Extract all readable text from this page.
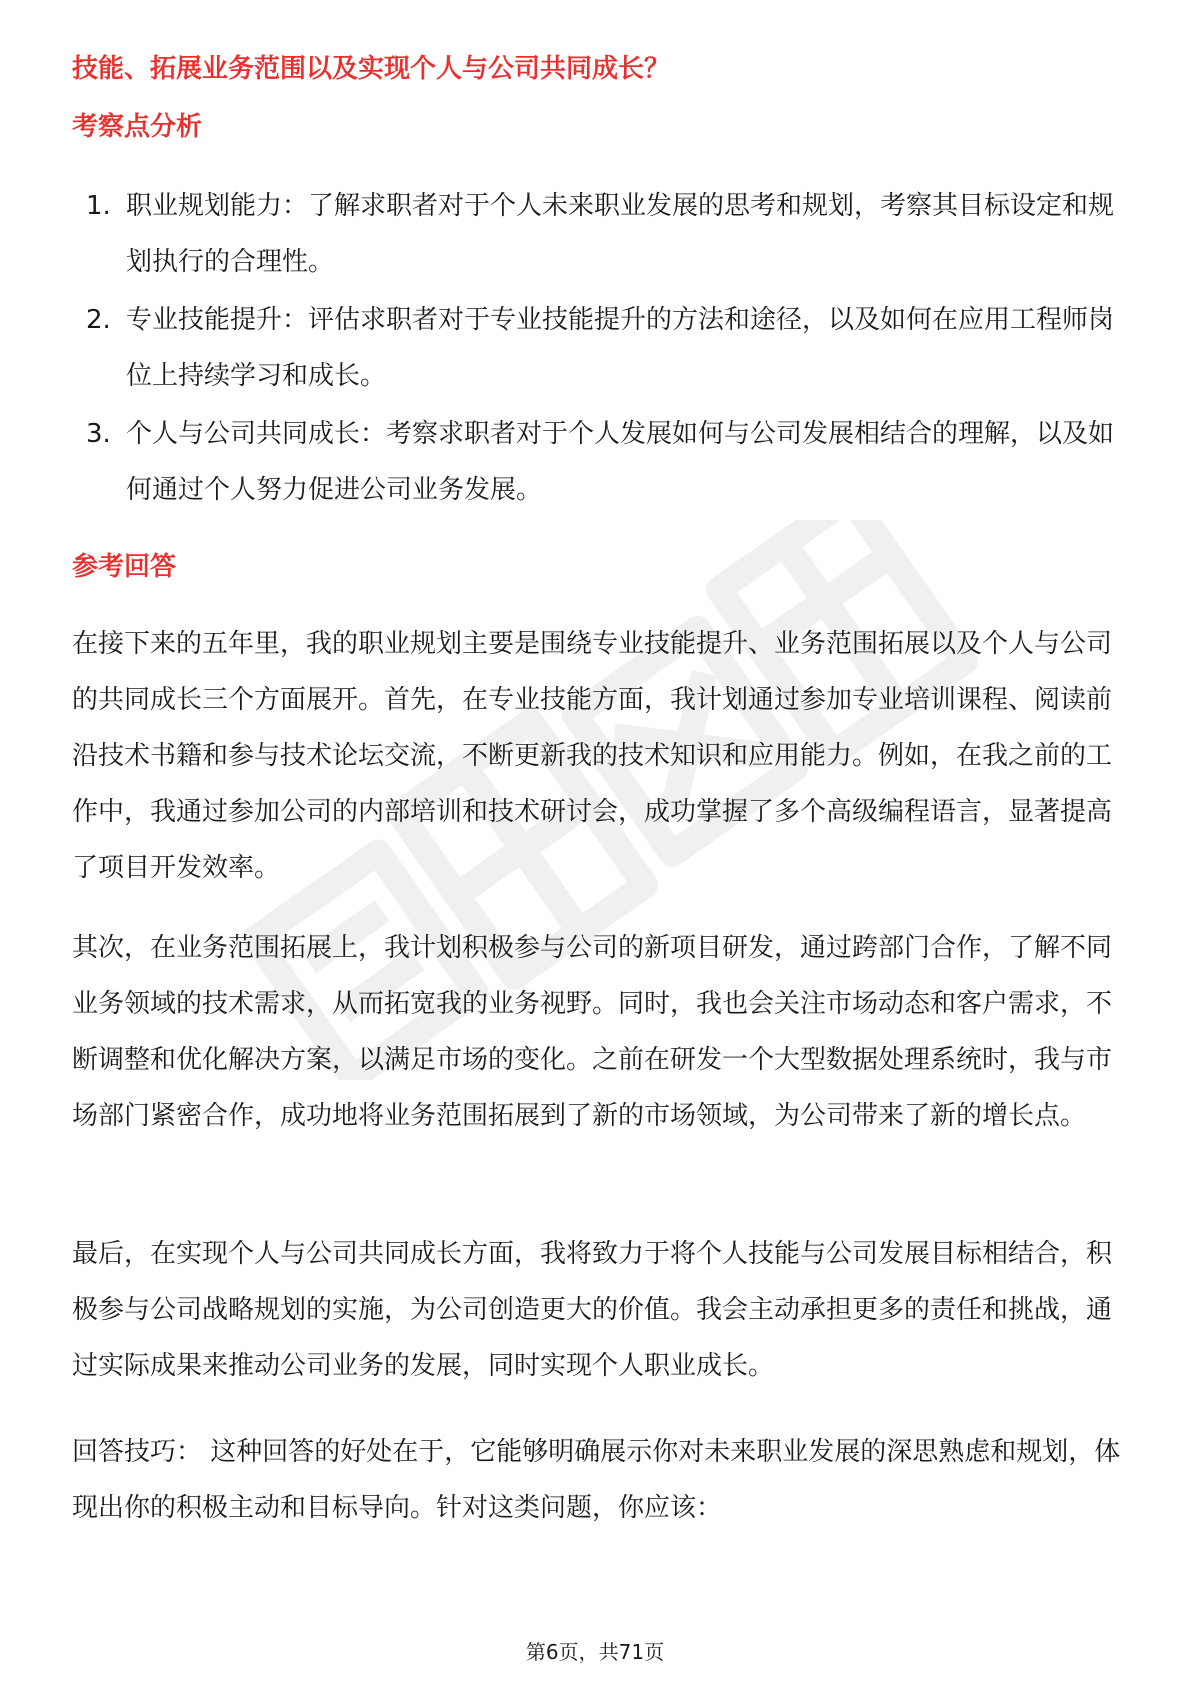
技能、拓展业务范围以及实现个人与公司共同成长？
考察点分析
1. 职业规划能力：了解求职者对于个人未来职业发展的思考和规划，考察其目标设定和规划执行的合理性。
2. 专业技能提升：评估求职者对于专业技能提升的方法和途径，以及如何在应用工程师岗位上持续学习和成长。
3. 个人与公司共同成长：考察求职者对于个人发展如何与公司发展相结合的理解，以及如何通过个人努力促进公司业务发展。
参考回答

在接下来的五年里，我的职业规划主要是围绕专业技能提升、业务范围拓展以及个人与公司的共同成长三个方面展开。首先，在专业技能方面，我计划通过参加专业培训课程、阅读前沿技术书籍和参与技术论坛交流，不断更新我的技术知识和应用能力。例如，在我之前的工作中，我通过参加公司的内部培训和技术研讨会，成功掌握了多个高级编程语言，显著提高了项目开发效率。

其次，在业务范围拓展上，我计划积极参与公司的新项目研发，通过跨部门合作，了解不同业务领域的技术需求，从而拓宽我的业务视野。同时，我也会关注市场动态和客户需求，不断调整和优化解决方案，以满足市场的变化。之前在研发一个大型数据处理系统时，我与市场部门紧密合作，成功地将业务范围拓展到了新的市场领域，为公司带来了新的增长点。

最后，在实现个人与公司共同成长方面，我将致力于将个人技能与公司发展目标相结合，积极参与公司战略规划的实施，为公司创造更大的价值。我会主动承担更多的责任和挑战，通过实际成果来推动公司业务的发展，同时实现个人职业成长。

回答技巧： 这种回答的好处在于，它能够明确展示你对未来职业发展的深思熟虑和规划，体现出你的积极主动和目标导向。针对这类问题，你应该：

第6页，共71页
